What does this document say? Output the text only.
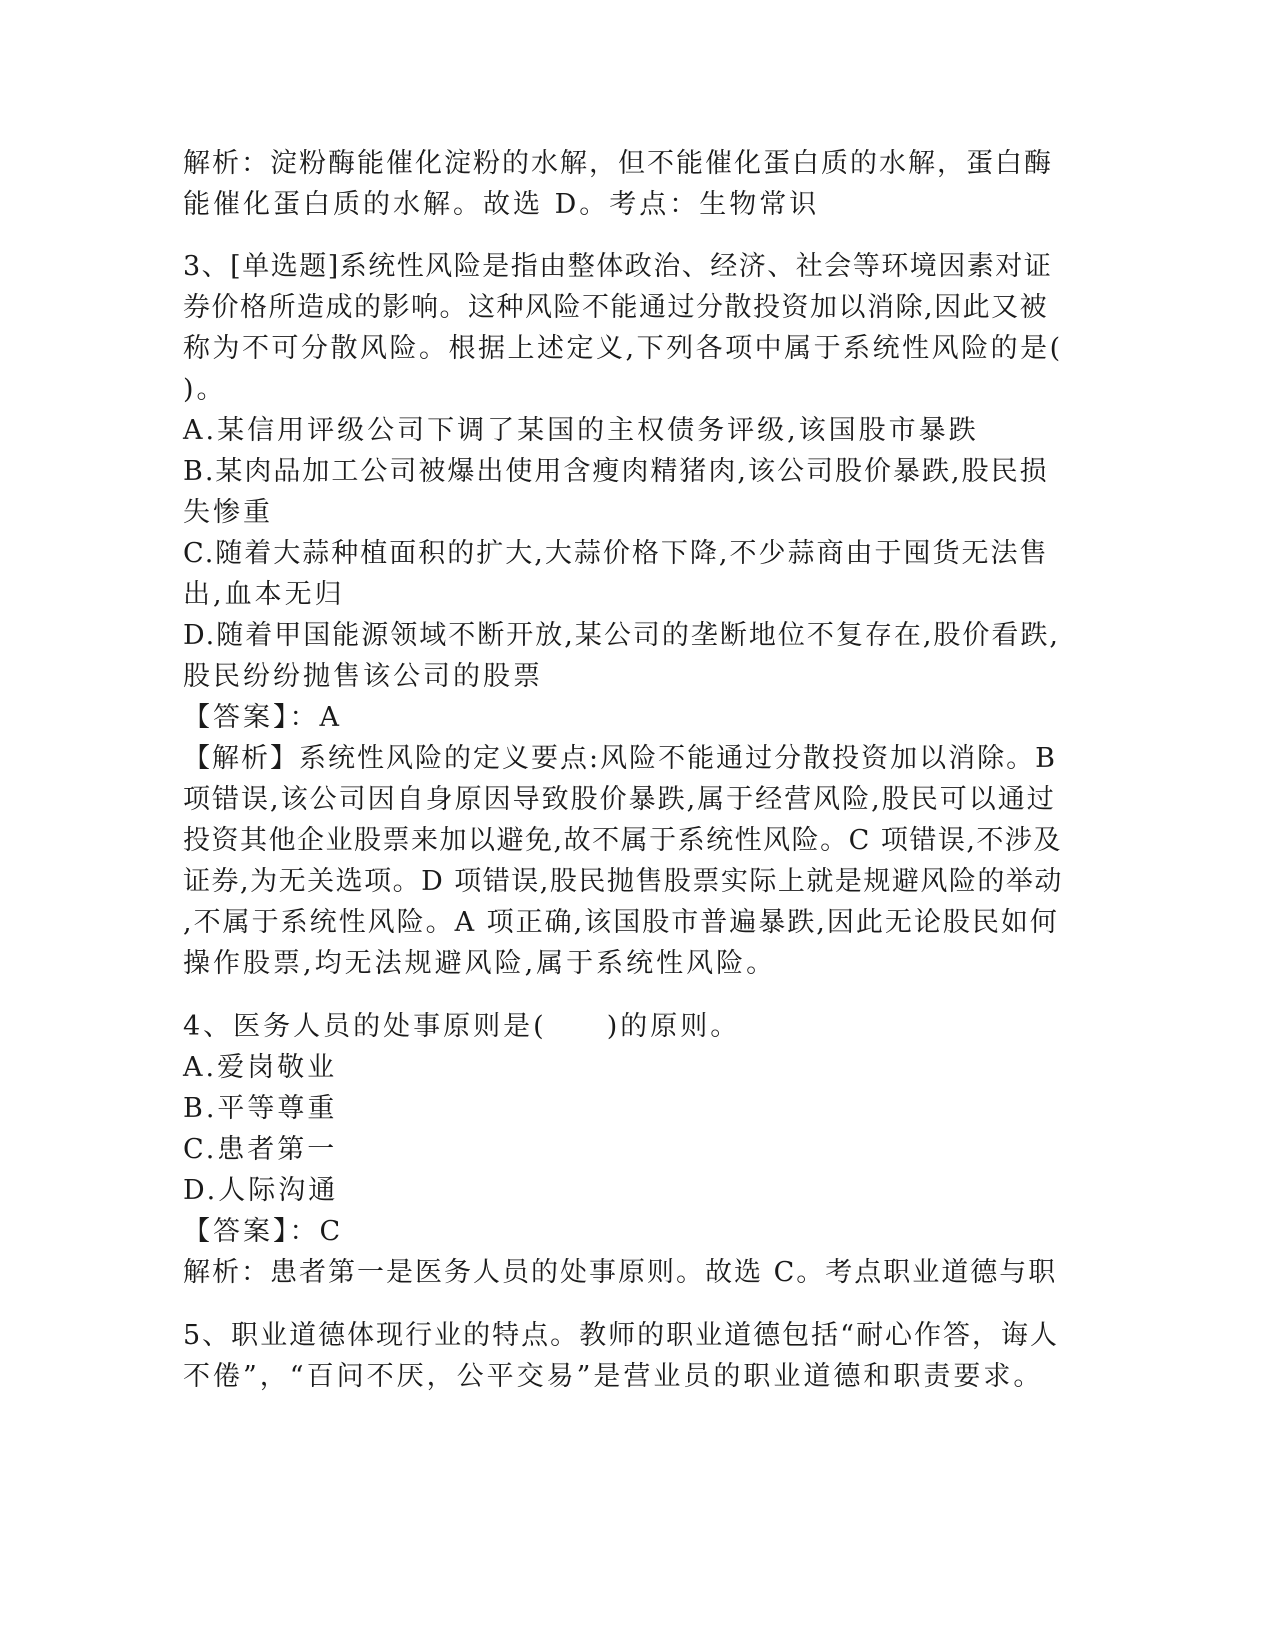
解析：淀粉酶能催化淀粉的水解，但不能催化蛋白质的水解，蛋白酶
能催化蛋白质的水解。故选 D。考点：生物常识
3、[单选题]系统性风险是指由整体政治、经济、社会等环境因素对证
券价格所造成的影响。这种风险不能通过分散投资加以消除,因此又被
称为不可分散风险。根据上述定义,下列各项中属于系统性风险的是(
)。
A.某信用评级公司下调了某国的主权债务评级,该国股市暴跌
B.某肉品加工公司被爆出使用含瘦肉精猪肉,该公司股价暴跌,股民损
失惨重
C.随着大蒜种植面积的扩大,大蒜价格下降,不少蒜商由于囤货无法售
出,血本无归
D.随着甲国能源领域不断开放,某公司的垄断地位不复存在,股价看跌,
股民纷纷抛售该公司的股票
【答案】：A
【解析】系统性风险的定义要点:风险不能通过分散投资加以消除。B
项错误,该公司因自身原因导致股价暴跌,属于经营风险,股民可以通过
投资其他企业股票来加以避免,故不属于系统性风险。C 项错误,不涉及
证券,为无关选项。D 项错误,股民抛售股票实际上就是规避风险的举动
,不属于系统性风险。A 项正确,该国股市普遍暴跌,因此无论股民如何
操作股票,均无法规避风险,属于系统性风险。
4、医务人员的处事原则是(　　)的原则。
A.爱岗敬业
B.平等尊重
C.患者第一
D.人际沟通
【答案】：C
解析：患者第一是医务人员的处事原则。故选 C。考点职业道德与职
5、职业道德体现行业的特点。教师的职业道德包括“耐心作答，诲人
不倦”，“百问不厌，公平交易”是营业员的职业道德和职责要求。
